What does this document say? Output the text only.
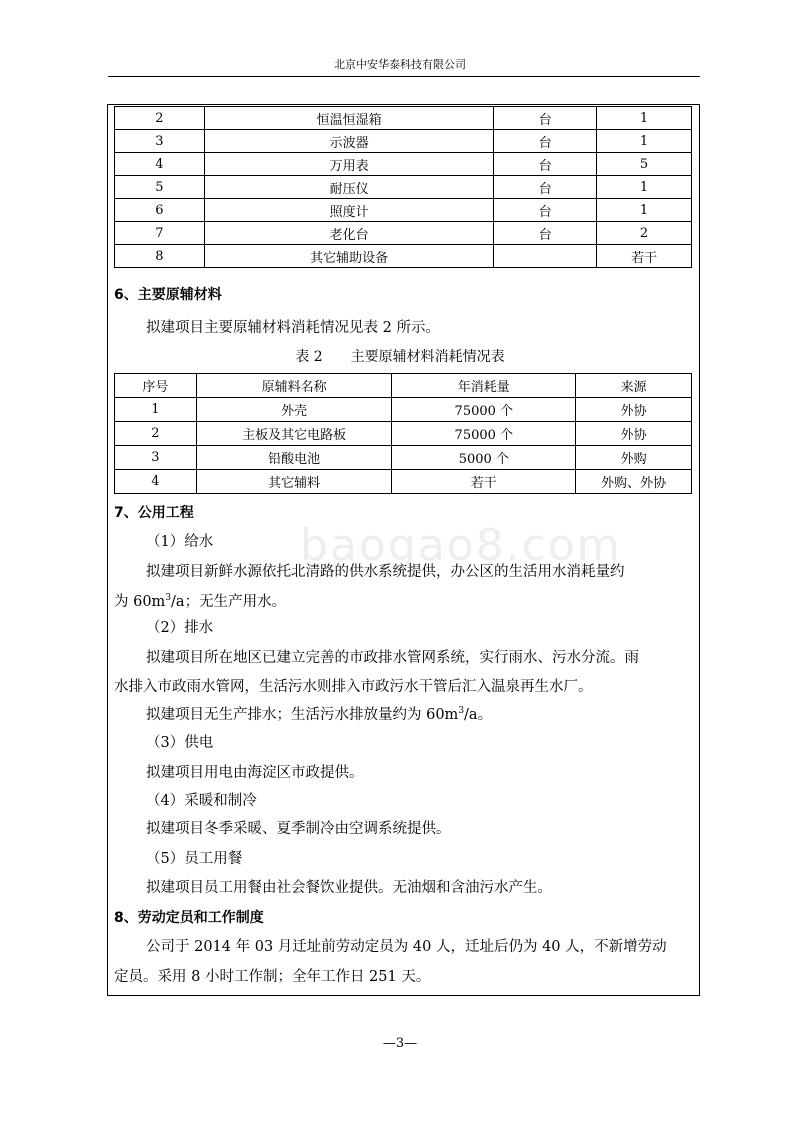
北京中安华泰科技有限公司
baogao8.com
2	恒温恒湿箱	台	1
3	示波器	台	1
4	万用表	台	5
5	耐压仪	台	1
6	照度计	台	1
7	老化台	台	2
8	其它辅助设备		若干
6、主要原辅材料
拟建项目主要原辅材料消耗情况见表 2 所示。
表 2　　主要原辅材料消耗情况表
序号	原辅料名称	年消耗量	来源
1	外壳	75000 个	外协
2	主板及其它电路板	75000 个	外协
3	铅酸电池	5000 个	外购
4	其它辅料	若干	外购、外协
7、公用工程
（1）给水
拟建项目新鲜水源依托北清路的供水系统提供，办公区的生活用水消耗量约
为 $60m^3/a$；无生产用水。
（2）排水
拟建项目所在地区已建立完善的市政排水管网系统，实行雨水、污水分流。雨
水排入市政雨水管网，生活污水则排入市政污水干管后汇入温泉再生水厂。
拟建项目无生产排水；生活污水排放量约为 $60m^3/a$。
（3）供电
拟建项目用电由海淀区市政提供。
（4）采暖和制冷
拟建项目冬季采暖、夏季制冷由空调系统提供。
（5）员工用餐
拟建项目员工用餐由社会餐饮业提供。无油烟和含油污水产生。
8、劳动定员和工作制度
公司于 2014 年 03 月迁址前劳动定员为 40 人，迁址后仍为 40 人，不新增劳动
定员。采用 8 小时工作制；全年工作日 251 天。
—3—
